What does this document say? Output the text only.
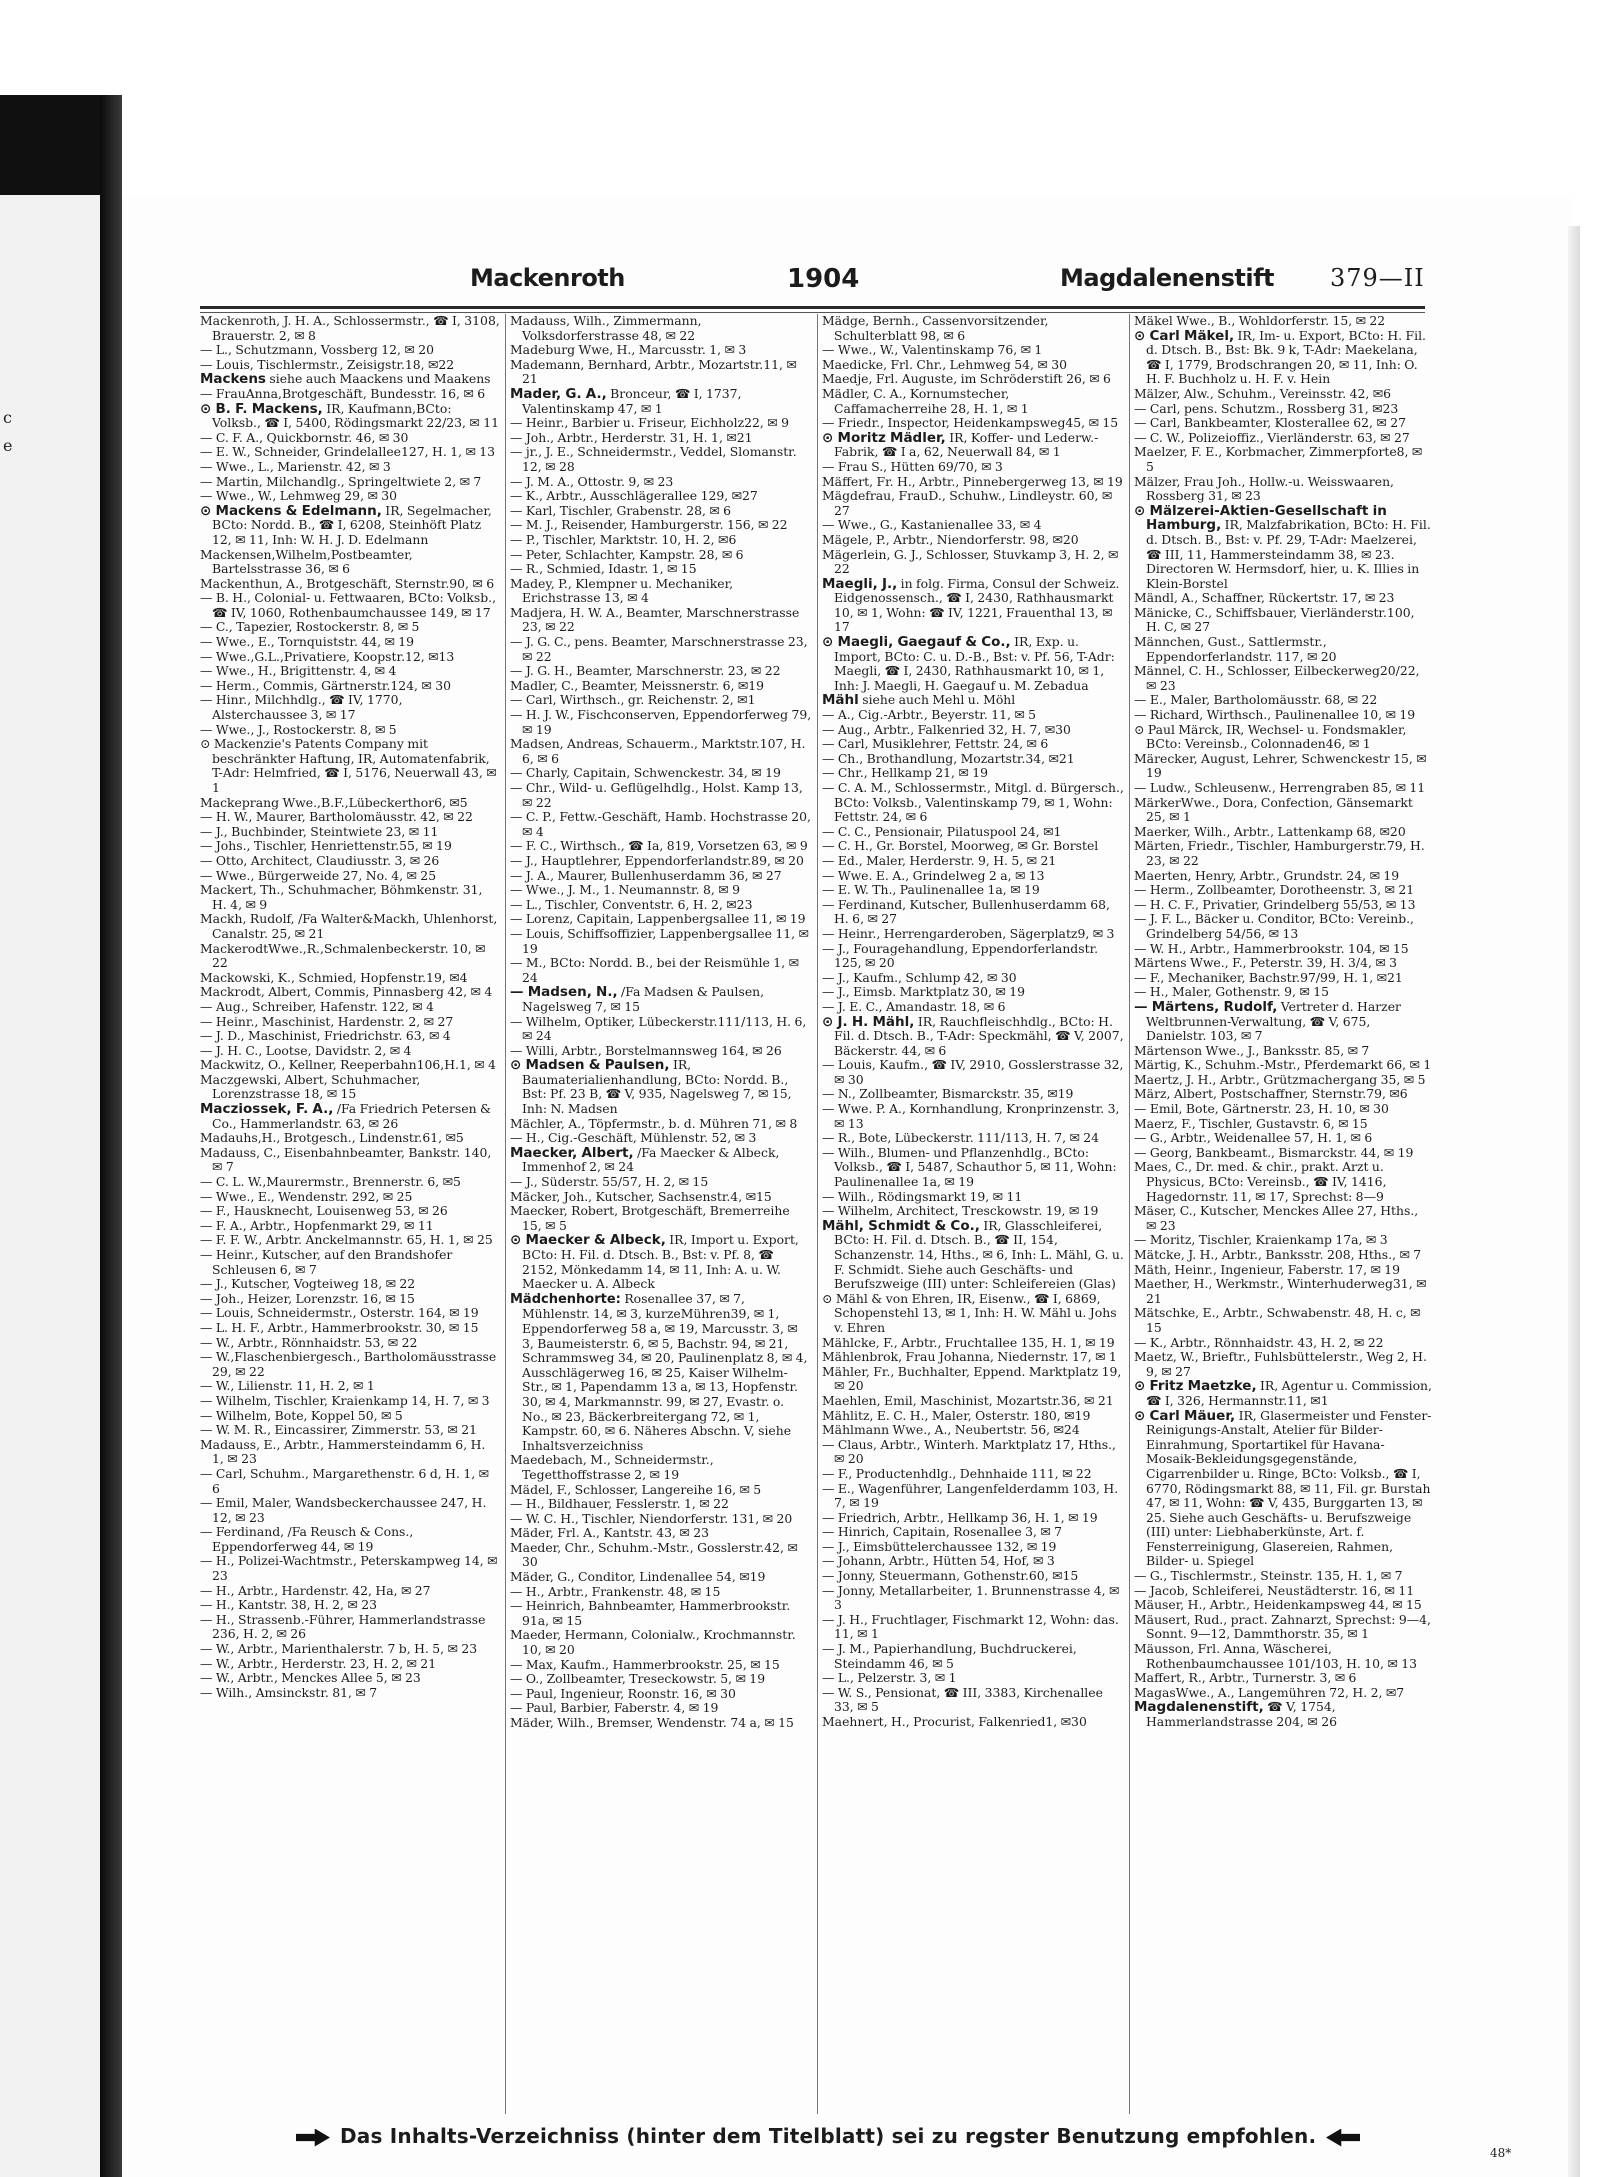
c
e
Mackenroth	1904	Magdalenenstift 379—II

Mackenroth, J. H. A., Schlossermstr., ☎ I, 3108, Brauerstr. 2, ✉ 8

— L., Schutzmann, Vossberg 12, ✉ 20

— Louis, Tischlermstr., Zeisigstr.18, ✉22

Mackens siehe auch Maackens und Maakens

— FrauAnna,Brotgeschäft, Bundesstr. 16, ✉ 6

⊙ B. F. Mackens, IR, Kaufmann,BCto: Volksb., ☎ I, 5400, Rödingsmarkt 22/23, ✉ 11

— C. F. A., Quickbornstr. 46, ✉ 30

— E. W., Schneider, Grindelallee127, H. 1, ✉ 13

— Wwe., L., Marienstr. 42, ✉ 3

— Martin, Milchandlg., Springeltwiete 2, ✉ 7

— Wwe., W., Lehmweg 29, ✉ 30

⊙ Mackens & Edelmann, IR, Segelmacher, BCto: Nordd. B., ☎ I, 6208, Steinhöft Platz 12, ✉ 11, Inh: W. H. J. D. Edelmann

Mackensen,Wilhelm,Postbeamter, Bartelsstrasse 36, ✉ 6

Mackenthun, A., Brotgeschäft, Sternstr.90, ✉ 6

— B. H., Colonial- u. Fettwaaren, BCto: Volksb., ☎ IV, 1060, Rothenbaumchaussee 149, ✉ 17

— C., Tapezier, Rostockerstr. 8, ✉ 5

— Wwe., E., Tornquiststr. 44, ✉ 19

— Wwe.,G.L.,Privatiere, Koopstr.12, ✉13

— Wwe., H., Brigittenstr. 4, ✉ 4

— Herm., Commis, Gärtnerstr.124, ✉ 30

— Hinr., Milchhdlg., ☎ IV, 1770, Alsterchaussee 3, ✉ 17

— Wwe., J., Rostockerstr. 8, ✉ 5

⊙ Mackenzie's Patents Company mit beschränkter Haftung, IR, Automatenfabrik, T-Adr: Helmfried, ☎ I, 5176, Neuerwall 43, ✉ 1

Mackeprang Wwe.,B.F.,Lübeckerthor6, ✉5

— H. W., Maurer, Bartholomäusstr. 42, ✉ 22

— J., Buchbinder, Steintwiete 23, ✉ 11

— Johs., Tischler, Henriettenstr.55, ✉ 19

— Otto, Architect, Claudiusstr. 3, ✉ 26

— Wwe., Bürgerweide 27, No. 4, ✉ 25

Mackert, Th., Schuhmacher, Böhmkenstr. 31, H. 4, ✉ 9

Mackh, Rudolf, /Fa Walter&Mackh, Uhlenhorst, Canalstr. 25, ✉ 21

MackerodtWwe.,R.,Schmalenbeckerstr. 10, ✉ 22

Mackowski, K., Schmied, Hopfenstr.19, ✉4

Mackrodt, Albert, Commis, Pinnasberg 42, ✉ 4

— Aug., Schreiber, Hafenstr. 122, ✉ 4

— Heinr., Maschinist, Hardenstr. 2, ✉ 27

— J. D., Maschinist, Friedrichstr. 63, ✉ 4

— J. H. C., Lootse, Davidstr. 2, ✉ 4

Mackwitz, O., Kellner, Reeperbahn106,H.1, ✉ 4

Maczgewski, Albert, Schuhmacher, Lorenzstrasse 18, ✉ 15

Macziossek, F. A., /Fa Friedrich Petersen & Co., Hammerlandstr. 63, ✉ 26

Madauhs,H., Brotgesch., Lindenstr.61, ✉5

Madauss, C., Eisenbahnbeamter, Bankstr. 140, ✉ 7

— C. L. W.,Maurermstr., Brennerstr. 6, ✉5

— Wwe., E., Wendenstr. 292, ✉ 25

— F., Hausknecht, Louisenweg 53, ✉ 26

— F. A., Arbtr., Hopfenmarkt 29, ✉ 11

— F. F. W., Arbtr. Anckelmannstr. 65, H. 1, ✉ 25

— Heinr., Kutscher, auf den Brandshofer Schleusen 6, ✉ 7

— J., Kutscher, Vogteiweg 18, ✉ 22

— Joh., Heizer, Lorenzstr. 16, ✉ 15

— Louis, Schneidermstr., Osterstr. 164, ✉ 19

— L. H. F., Arbtr., Hammerbrookstr. 30, ✉ 15

— W., Arbtr., Rönnhaidstr. 53, ✉ 22

— W.,Flaschenbiergesch., Bartholomäusstrasse 29, ✉ 22

— W., Lilienstr. 11, H. 2, ✉ 1

— Wilhelm, Tischler, Kraienkamp 14, H. 7, ✉ 3

— Wilhelm, Bote, Koppel 50, ✉ 5

— W. M. R., Eincassirer, Zimmerstr. 53, ✉ 21

Madauss, E., Arbtr., Hammersteindamm 6, H. 1, ✉ 23

— Carl, Schuhm., Margarethenstr. 6 d, H. 1, ✉ 6

— Emil, Maler, Wandsbeckerchaussee 247, H. 12, ✉ 23

— Ferdinand, /Fa Reusch & Cons., Eppendorferweg 44, ✉ 19

— H., Polizei-Wachtmstr., Peterskampweg 14, ✉ 23

— H., Arbtr., Hardenstr. 42, Ha, ✉ 27

— H., Kantstr. 38, H. 2, ✉ 23

— H., Strassenb.-Führer, Hammerlandstrasse 236, H. 2, ✉ 26

— W., Arbtr., Marienthalerstr. 7 b, H. 5, ✉ 23

— W., Arbtr., Herderstr. 23, H. 2, ✉ 21

— W., Arbtr., Menckes Allee 5, ✉ 23

— Wilh., Amsinckstr. 81, ✉ 7

Madauss, Wilh., Zimmermann, Volksdorferstrasse 48, ✉ 22

Madeburg Wwe, H., Marcusstr. 1, ✉ 3

Mademann, Bernhard, Arbtr., Mozartstr.11, ✉ 21

Mader, G. A., Bronceur, ☎ I, 1737, Valentinskamp 47, ✉ 1

— Heinr., Barbier u. Friseur, Eichholz22, ✉ 9

— Joh., Arbtr., Herderstr. 31, H. 1, ✉21

— jr., J. E., Schneidermstr., Veddel, Slomanstr. 12, ✉ 28

— J. M. A., Ottostr. 9, ✉ 23

— K., Arbtr., Ausschlägerallee 129, ✉27

— Karl, Tischler, Grabenstr. 28, ✉ 6

— M. J., Reisender, Hamburgerstr. 156, ✉ 22

— P., Tischler, Marktstr. 10, H. 2, ✉6

— Peter, Schlachter, Kampstr. 28, ✉ 6

— R., Schmied, Idastr. 1, ✉ 15

Madey, P., Klempner u. Mechaniker, Erichstrasse 13, ✉ 4

Madjera, H. W. A., Beamter, Marschnerstrasse 23, ✉ 22

— J. G. C., pens. Beamter, Marschnerstrasse 23, ✉ 22

— J. G. H., Beamter, Marschnerstr. 23, ✉ 22

Madler, C., Beamter, Meissnerstr. 6, ✉19

— Carl, Wirthsch., gr. Reichenstr. 2, ✉1

— H. J. W., Fischconserven, Eppendorferweg 79, ✉ 19

Madsen, Andreas, Schauerm., Marktstr.107, H. 6, ✉ 6

— Charly, Capitain, Schwenckestr. 34, ✉ 19

— Chr., Wild- u. Geflügelhdlg., Holst. Kamp 13, ✉ 22

— C. P., Fettw.-Geschäft, Hamb. Hochstrasse 20, ✉ 4

— F. C., Wirthsch., ☎ Ia, 819, Vorsetzen 63, ✉ 9

— J., Hauptlehrer, Eppendorferlandstr.89, ✉ 20

— J. A., Maurer, Bullenhuserdamm 36, ✉ 27

— Wwe., J. M., 1. Neumannstr. 8, ✉ 9

— L., Tischler, Conventstr. 6, H. 2, ✉23

— Lorenz, Capitain, Lappenbergsallee 11, ✉ 19

— Louis, Schiffsoffizier, Lappenbergsallee 11, ✉ 19

— M., BCto: Nordd. B., bei der Reismühle 1, ✉ 24

— Madsen, N., /Fa Madsen & Paulsen, Nagelsweg 7, ✉ 15

— Wilhelm, Optiker, Lübeckerstr.111/113, H. 6, ✉ 24

— Willi, Arbtr., Borstelmannsweg 164, ✉ 26

⊙ Madsen & Paulsen, IR, Baumaterialienhandlung, BCto: Nordd. B., Bst: Pf. 23 B, ☎ V, 935, Nagelsweg 7, ✉ 15, Inh: N. Madsen

Mächler, A., Töpfermstr., b. d. Mühren 71, ✉ 8

— H., Cig.-Geschäft, Mühlenstr. 52, ✉ 3

Maecker, Albert, /Fa Maecker & Albeck, Immenhof 2, ✉ 24

— J., Süderstr. 55/57, H. 2, ✉ 15

Mäcker, Joh., Kutscher, Sachsenstr.4, ✉15

Maecker, Robert, Brotgeschäft, Bremerreihe 15, ✉ 5

⊙ Maecker & Albeck, IR, Import u. Export, BCto: H. Fil. d. Dtsch. B., Bst: v. Pf. 8, ☎ 2152, Mönkedamm 14, ✉ 11, Inh: A. u. W. Maecker u. A. Albeck

Mädchenhorte: Rosenallee 37, ✉ 7, Mühlenstr. 14, ✉ 3, kurzeMühren39, ✉ 1, Eppendorferweg 58 a, ✉ 19, Marcusstr. 3, ✉ 3, Baumeisterstr. 6, ✉ 5, Bachstr. 94, ✉ 21, Schrammsweg 34, ✉ 20, Paulinenplatz 8, ✉ 4, Ausschlägerweg 16, ✉ 25, Kaiser Wilhelm-Str., ✉ 1, Papendamm 13 a, ✉ 13, Hopfenstr. 30, ✉ 4, Markmannstr. 99, ✉ 27, Evastr. o. No., ✉ 23, Bäckerbreitergang 72, ✉ 1, Kampstr. 60, ✉ 6. Näheres Abschn. V, siehe Inhaltsverzeichniss

Maedebach, M., Schneidermstr., Tegetthoffstrasse 2, ✉ 19

Mädel, F., Schlosser, Langereihe 16, ✉ 5

— H., Bildhauer, Fesslerstr. 1, ✉ 22

— W. C. H., Tischler, Niendorferstr. 131, ✉ 20

Mäder, Frl. A., Kantstr. 43, ✉ 23

Maeder, Chr., Schuhm.-Mstr., Gosslerstr.42, ✉ 30

Mäder, G., Conditor, Lindenallee 54, ✉19

— H., Arbtr., Frankenstr. 48, ✉ 15

— Heinrich, Bahnbeamter, Hammerbrookstr. 91a, ✉ 15

Maeder, Hermann, Colonialw., Krochmannstr. 10, ✉ 20

— Max, Kaufm., Hammerbrookstr. 25, ✉ 15

— O., Zollbeamter, Treseckowstr. 5, ✉ 19

— Paul, Ingenieur, Roonstr. 16, ✉ 30

— Paul, Barbier, Faberstr. 4, ✉ 19

Mäder, Wilh., Bremser, Wendenstr. 74 a, ✉ 15

Mädge, Bernh., Cassenvorsitzender, Schulterblatt 98, ✉ 6

— Wwe., W., Valentinskamp 76, ✉ 1

Maedicke, Frl. Chr., Lehmweg 54, ✉ 30

Maedje, Frl. Auguste, im Schröderstift 26, ✉ 6

Mädler, C. A., Kornumstecher, Caffamacherreihe 28, H. 1, ✉ 1

— Friedr., Inspector, Heidenkampsweg45, ✉ 15

⊙ Moritz Mädler, IR, Koffer- und Lederw.-Fabrik, ☎ I a, 62, Neuerwall 84, ✉ 1

— Frau S., Hütten 69/70, ✉ 3

Mäffert, Fr. H., Arbtr., Pinnebergerweg 13, ✉ 19

Mägdefrau, FrauD., Schuhw., Lindleystr. 60, ✉ 27

— Wwe., G., Kastanienallee 33, ✉ 4

Mägele, P., Arbtr., Niendorferstr. 98, ✉20

Mägerlein, G. J., Schlosser, Stuvkamp 3, H. 2, ✉ 22

Maegli, J., in folg. Firma, Consul der Schweiz. Eidgenossensch., ☎ I, 2430, Rathhausmarkt 10, ✉ 1, Wohn: ☎ IV, 1221, Frauenthal 13, ✉ 17

⊙ Maegli, Gaegauf & Co., IR, Exp. u. Import, BCto: C. u. D.-B., Bst: v. Pf. 56, T-Adr: Maegli, ☎ I, 2430, Rathhausmarkt 10, ✉ 1, Inh: J. Maegli, H. Gaegauf u. M. Zebadua

Mähl siehe auch Mehl u. Möhl

— A., Cig.-Arbtr., Beyerstr. 11, ✉ 5

— Aug., Arbtr., Falkenried 32, H. 7, ✉30

— Carl, Musiklehrer, Fettstr. 24, ✉ 6

— Ch., Brothandlung, Mozartstr.34, ✉21

— Chr., Hellkamp 21, ✉ 19

— C. A. M., Schlossermstr., Mitgl. d. Bürgersch., BCto: Volksb., Valentinskamp 79, ✉ 1, Wohn: Fettstr. 24, ✉ 6

— C. C., Pensionair, Pilatuspool 24, ✉1

— C. H., Gr. Borstel, Moorweg, ✉ Gr. Borstel

— Ed., Maler, Herderstr. 9, H. 5, ✉ 21

— Wwe. E. A., Grindelweg 2 a, ✉ 13

— E. W. Th., Paulinenallee 1a, ✉ 19

— Ferdinand, Kutscher, Bullenhuserdamm 68, H. 6, ✉ 27

— Heinr., Herrengarderoben, Sägerplatz9, ✉ 3

— J., Fouragehandlung, Eppendorferlandstr. 125, ✉ 20

— J., Kaufm., Schlump 42, ✉ 30

— J., Eimsb. Marktplatz 30, ✉ 19

— J. E. C., Amandastr. 18, ✉ 6

⊙ J. H. Mähl, IR, Rauchfleischhdlg., BCto: H. Fil. d. Dtsch. B., T-Adr: Speckmähl, ☎ V, 2007, Bäckerstr. 44, ✉ 6

— Louis, Kaufm., ☎ IV, 2910, Gosslerstrasse 32, ✉ 30

— N., Zollbeamter, Bismarckstr. 35, ✉19

— Wwe. P. A., Kornhandlung, Kronprinzenstr. 3, ✉ 13

— R., Bote, Lübeckerstr. 111/113, H. 7, ✉ 24

— Wilh., Blumen- und Pflanzenhdlg., BCto: Volksb., ☎ I, 5487, Schauthor 5, ✉ 11, Wohn: Paulinenallee 1a, ✉ 19

— Wilh., Rödingsmarkt 19, ✉ 11

— Wilhelm, Architect, Tresckowstr. 19, ✉ 19

Mähl, Schmidt & Co., IR, Glasschleiferei, BCto: H. Fil. d. Dtsch. B., ☎ II, 154, Schanzenstr. 14, Hths., ✉ 6, Inh: L. Mähl, G. u. F. Schmidt. Siehe auch Geschäfts- und Berufszweige (III) unter: Schleifereien (Glas)

⊙ Mähl & von Ehren, IR, Eisenw., ☎ I, 6869, Schopenstehl 13, ✉ 1, Inh: H. W. Mähl u. Johs v. Ehren

Mählcke, F., Arbtr., Fruchtallee 135, H. 1, ✉ 19

Mählenbrok, Frau Johanna, Niedernstr. 17, ✉ 1

Mähler, Fr., Buchhalter, Eppend. Marktplatz 19, ✉ 20

Maehlen, Emil, Maschinist, Mozartstr.36, ✉ 21

Mählitz, E. C. H., Maler, Osterstr. 180, ✉19

Mählmann Wwe., A., Neubertstr. 56, ✉24

— Claus, Arbtr., Winterh. Marktplatz 17, Hths., ✉ 20

— F., Productenhdlg., Dehnhaide 111, ✉ 22

— E., Wagenführer, Langenfelderdamm 103, H. 7, ✉ 19

— Friedrich, Arbtr., Hellkamp 36, H. 1, ✉ 19

— Hinrich, Capitain, Rosenallee 3, ✉ 7

— J., Eimsbüttelerchaussee 132, ✉ 19

— Johann, Arbtr., Hütten 54, Hof, ✉ 3

— Jonny, Steuermann, Gothenstr.60, ✉15

— Jonny, Metallarbeiter, 1. Brunnenstrasse 4, ✉ 3

— J. H., Fruchtlager, Fischmarkt 12, Wohn: das. 11, ✉ 1

— J. M., Papierhandlung, Buchdruckerei, Steindamm 46, ✉ 5

— L., Pelzerstr. 3, ✉ 1

— W. S., Pensionat, ☎ III, 3383, Kirchenallee 33, ✉ 5

Maehnert, H., Procurist, Falkenried1, ✉30

Mäkel Wwe., B., Wohldorferstr. 15, ✉ 22

⊙ Carl Mäkel, IR, Im- u. Export, BCto: H. Fil. d. Dtsch. B., Bst: Bk. 9 k, T-Adr: Maekelana, ☎ I, 1779, Brodschrangen 20, ✉ 11, Inh: O. H. F. Buchholz u. H. F. v. Hein

Mälzer, Alw., Schuhm., Vereinsstr. 42, ✉6

— Carl, pens. Schutzm., Rossberg 31, ✉23

— Carl, Bankbeamter, Klosterallee 62, ✉ 27

— C. W., Polizeioffiz., Vierländerstr. 63, ✉ 27

Maelzer, F. E., Korbmacher, Zimmerpforte8, ✉ 5

Mälzer, Frau Joh., Hollw.-u. Weisswaaren, Rossberg 31, ✉ 23

⊙ Mälzerei-Aktien-Gesellschaft in Hamburg, IR, Malzfabrikation, BCto: H. Fil. d. Dtsch. B., Bst: v. Pf. 29, T-Adr: Maelzerei, ☎ III, 11, Hammersteindamm 38, ✉ 23. Directoren W. Hermsdorf, hier, u. K. Illies in Klein-Borstel

Mändl, A., Schaffner, Rückertstr. 17, ✉ 23

Mänicke, C., Schiffsbauer, Vierländerstr.100, H. C, ✉ 27

Männchen, Gust., Sattlermstr., Eppendorferlandstr. 117, ✉ 20

Männel, C. H., Schlosser, Eilbeckerweg20/22, ✉ 23

— E., Maler, Bartholomäusstr. 68, ✉ 22

— Richard, Wirthsch., Paulinenallee 10, ✉ 19

⊙ Paul Märck, IR, Wechsel- u. Fondsmakler, BCto: Vereinsb., Colonnaden46, ✉ 1

Märecker, August, Lehrer, Schwenckestr 15, ✉ 19

— Ludw., Schleusenw., Herrengraben 85, ✉ 11

MärkerWwe., Dora, Confection, Gänsemarkt 25, ✉ 1

Maerker, Wilh., Arbtr., Lattenkamp 68, ✉20

Märten, Friedr., Tischler, Hamburgerstr.79, H. 23, ✉ 22

Maerten, Henry, Arbtr., Grundstr. 24, ✉ 19

— Herm., Zollbeamter, Dorotheenstr. 3, ✉ 21

— H. C. F., Privatier, Grindelberg 55/53, ✉ 13

— J. F. L., Bäcker u. Conditor, BCto: Vereinb., Grindelberg 54/56, ✉ 13

— W. H., Arbtr., Hammerbrookstr. 104, ✉ 15

Märtens Wwe., F., Peterstr. 39, H. 3/4, ✉ 3

— F., Mechaniker, Bachstr.97/99, H. 1, ✉21

— H., Maler, Gothenstr. 9, ✉ 15

— Märtens, Rudolf, Vertreter d. Harzer Weltbrunnen-Verwaltung, ☎ V, 675, Danielstr. 103, ✉ 7

Märtenson Wwe., J., Banksstr. 85, ✉ 7

Märtig, K., Schuhm.-Mstr., Pferdemarkt 66, ✉ 1

Maertz, J. H., Arbtr., Grützmachergang 35, ✉ 5

März, Albert, Postschaffner, Sternstr.79, ✉6

— Emil, Bote, Gärtnerstr. 23, H. 10, ✉ 30

Maerz, F., Tischler, Gustavstr. 6, ✉ 15

— G., Arbtr., Weidenallee 57, H. 1, ✉ 6

— Georg, Bankbeamt., Bismarckstr. 44, ✉ 19

Maes, C., Dr. med. & chir., prakt. Arzt u. Physicus, BCto: Vereinsb., ☎ IV, 1416, Hagedornstr. 11, ✉ 17, Sprechst: 8—9

Mäser, C., Kutscher, Menckes Allee 27, Hths., ✉ 23

— Moritz, Tischler, Kraienkamp 17a, ✉ 3

Mätcke, J. H., Arbtr., Banksstr. 208, Hths., ✉ 7

Mäth, Heinr., Ingenieur, Faberstr. 17, ✉ 19

Maether, H., Werkmstr., Winterhuderweg31, ✉ 21

Mätschke, E., Arbtr., Schwabenstr. 48, H. c, ✉ 15

— K., Arbtr., Rönnhaidstr. 43, H. 2, ✉ 22

Maetz, W., Brieftr., Fuhlsbüttelerstr., Weg 2, H. 9, ✉ 27

⊙ Fritz Maetzke, IR, Agentur u. Commission, ☎ I, 326, Hermannstr.11, ✉1

⊙ Carl Mäuer, IR, Glasermeister und Fenster-Reinigungs-Anstalt, Atelier für Bilder-Einrahmung, Sportartikel für Havana-Mosaik-Bekleidungsgegenstände, Cigarrenbilder u. Ringe, BCto: Volksb., ☎ I, 6770, Rödingsmarkt 88, ✉ 11, Fil. gr. Burstah 47, ✉ 11, Wohn: ☎ V, 435, Burggarten 13, ✉ 25. Siehe auch Geschäfts- u. Berufszweige (III) unter: Liebhaberkünste, Art. f. Fensterreinigung, Glasereien, Rahmen, Bilder- u. Spiegel

— G., Tischlermstr., Steinstr. 135, H. 1, ✉ 7

— Jacob, Schleiferei, Neustädterstr. 16, ✉ 11

Mäuser, H., Arbtr., Heidenkampsweg 44, ✉ 15

Mäusert, Rud., pract. Zahnarzt, Sprechst: 9—4, Sonnt. 9—12, Dammthorstr. 35, ✉ 1

Mäusson, Frl. Anna, Wäscherei, Rothenbaumchaussee 101/103, H. 10, ✉ 13

Maffert, R., Arbtr., Turnerstr. 3, ✉ 6

MagasWwe., A., Langemühren 72, H. 2, ✉7

Magdalenenstift, ☎ V, 1754, Hammerlandstrasse 204, ✉ 26

Das Inhalts-Verzeichniss (hinter dem Titelblatt) sei zu regster Benutzung empfohlen.
48*
